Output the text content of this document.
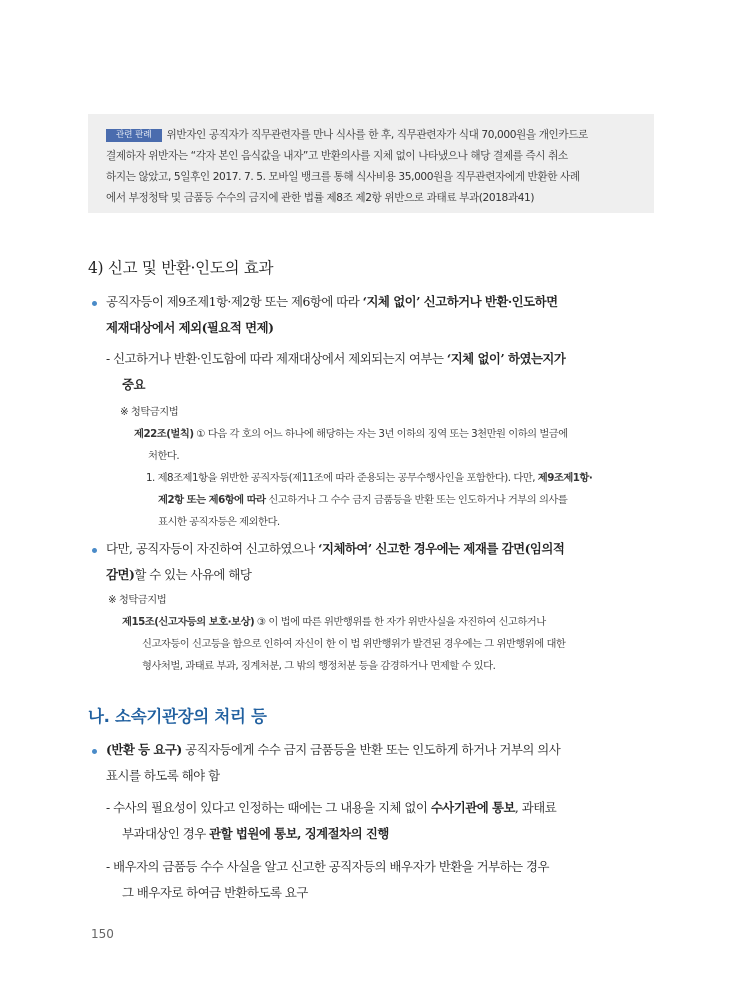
관련 판례 위반자인 공직자가 직무관련자를 만나 식사를 한 후, 직무관련자가 식대 70,000원을 개인카드로
결제하자 위반자는 “각자 본인 음식값을 내자”고 반환의사를 지체 없이 나타냈으나 해당 결제를 즉시 취소
하지는 않았고, 5일후인 2017. 7. 5. 모바일 뱅크를 통해 식사비용 35,000원을 직무관련자에게 반환한 사례
에서 부정청탁 및 금품등 수수의 금지에 관한 법률 제8조 제2항 위반으로 과태료 부과(2018과41)
4) 신고 및 반환·인도의 효과
공직자등이 제9조제1항·제2항 또는 제6항에 따라 ‘지체 없이’ 신고하거나 반환·인도하면
제재대상에서 제외(필요적 면제)
- 신고하거나 반환·인도함에 따라 제재대상에서 제외되는지 여부는 ‘지체 없이’ 하였는지가
중요
※ 청탁금지법
제22조(벌칙) ① 다음 각 호의 어느 하나에 해당하는 자는 3년 이하의 징역 또는 3천만원 이하의 벌금에
처한다.
1. 제8조제1항을 위반한 공직자등(제11조에 따라 준용되는 공무수행사인을 포함한다). 다만, 제9조제1항·
제2항 또는 제6항에 따라 신고하거나 그 수수 금지 금품등을 반환 또는 인도하거나 거부의 의사를
표시한 공직자등은 제외한다.
다만, 공직자등이 자진하여 신고하였으나 ‘지체하여’ 신고한 경우에는 제재를 감면(임의적
감면)할 수 있는 사유에 해당
※ 청탁금지법
제15조(신고자등의 보호·보상) ③ 이 법에 따른 위반행위를 한 자가 위반사실을 자진하여 신고하거나
신고자등이 신고등을 함으로 인하여 자신이 한 이 법 위반행위가 발견된 경우에는 그 위반행위에 대한
형사처벌, 과태료 부과, 징계처분, 그 밖의 행정처분 등을 감경하거나 면제할 수 있다.
나. 소속기관장의 처리 등
(반환 등 요구) 공직자등에게 수수 금지 금품등을 반환 또는 인도하게 하거나 거부의 의사
표시를 하도록 해야 함
- 수사의 필요성이 있다고 인정하는 때에는 그 내용을 지체 없이 수사기관에 통보, 과태료
부과대상인 경우 관할 법원에 통보, 징계절차의 진행
- 배우자의 금품등 수수 사실을 알고 신고한 공직자등의 배우자가 반환을 거부하는 경우
그 배우자로 하여금 반환하도록 요구
150
